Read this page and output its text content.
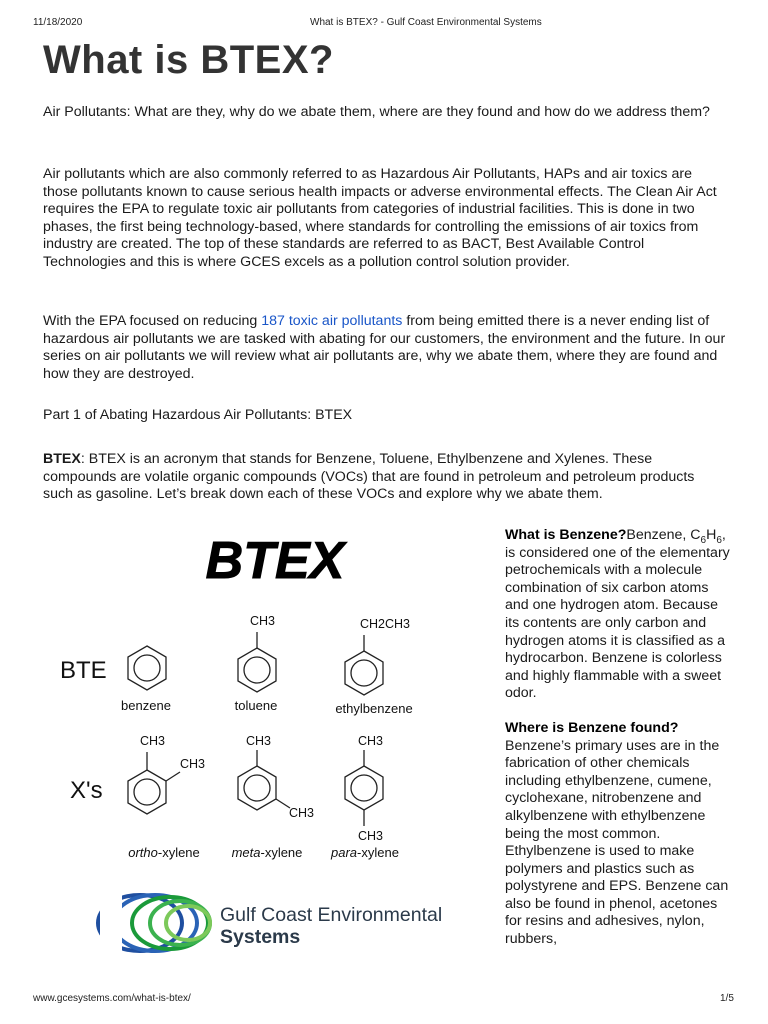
11/18/2020	What is BTEX? - Gulf Coast Environmental Systems
What is BTEX?

Air Pollutants: What are they, why do we abate them, where are they found and how do we address them?

Air pollutants which are also commonly referred to as Hazardous Air Pollutants, HAPs and air toxics are those pollutants known to cause serious health impacts or adverse environmental effects. The Clean Air Act requires the EPA to regulate toxic air pollutants from categories of industrial facilities. This is done in two phases, the first being technology-based, where standards for controlling the emissions of air toxics from industry are created. The top of these standards are referred to as BACT, Best Available Control Technologies and this is where GCES excels as a pollution control solution provider.

With the EPA focused on reducing 187 toxic air pollutants from being emitted there is a never ending list of hazardous air pollutants we are tasked with abating for our customers, the environment and the future. In our series on air pollutants we will review what air pollutants are, why we abate them, where they are found and how they are destroyed.

Part 1 of Abating Hazardous Air Pollutants: BTEX

BTEX: BTEX is an acronym that stands for Benzene, Toluene, Ethylbenzene and Xylenes. These compounds are volatile organic compounds (VOCs) that are found in petroleum and petroleum products such as gasoline. Let’s break down each of these VOCs and explore why we abate them.

BTEX
BTE
X's
CH3	CH2CH3
CH3
CH3
CH3
CH3
CH3
CH3
benzene	toluene	ethylbenzene
ortho-xylene meta-xylene para-xylene
Gulf Coast Environmental
Systems

What is Benzene?Benzene, $C_6H_6$, is considered one of the elementary petrochemicals with a molecule combination of six carbon atoms and one hydrogen atom. Because its contents are only carbon and hydrogen atoms it is classified as a hydrocarbon. Benzene is colorless and highly flammable with a sweet odor.

Where is Benzene found? Benzene’s primary uses are in the fabrication of other chemicals including ethylbenzene, cumene, cyclohexane, nitrobenzene and alkylbenzene with ethylbenzene being the most common. Ethylbenzene is used to make polymers and plastics such as polystyrene and EPS. Benzene can also be found in phenol, acetones for resins and adhesives, nylon, rubbers,

www.gcesystems.com/what-is-btex/	1/5
